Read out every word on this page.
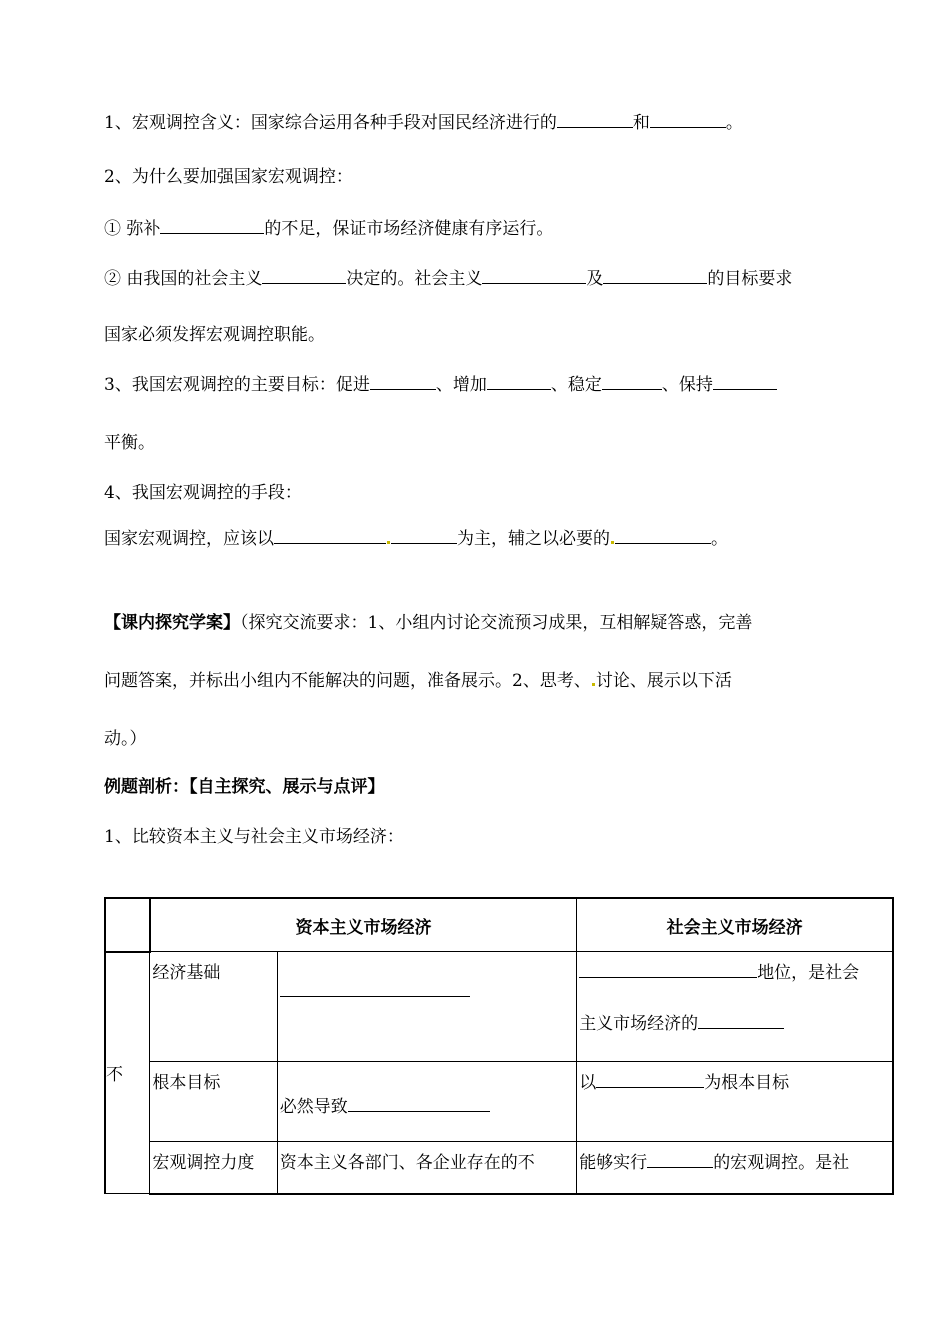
1、宏观调控含义：国家综合运用各种手段对国民经济进行的	和	。
2、为什么要加强国家宏观调控：
① 弥补	的不足，保证市场经济健康有序运行。
② 由我国的社会主义	决定的。社会主义	及	的目标要求
国家必须发挥宏观调控职能。
3、我国宏观调控的主要目标：促进	、增加	、稳定	、保持
平衡。
4、我国宏观调控的手段：
国家宏观调控，应该以	为主，辅之以必要的	。
【课内探究学案】（探究交流要求：1、小组内讨论交流预习成果，互相解疑答惑，完善
问题答案，并标出小组内不能解决的问题，准备展示。2、思考、 讨论、展示以下活
动。）
例题剖析：【自主探究、展示与点评】
1、比较资本主义与社会主义市场经济：
	资本主义市场经济		社会主义市场经济
不	经济基础		地位，是社会
主义市场经济的

	根本目标	必然导致	以 为根本目标
	宏观调控力度	资本主义各部门、各企业存在的不	能够实行 的宏观调控。是社
